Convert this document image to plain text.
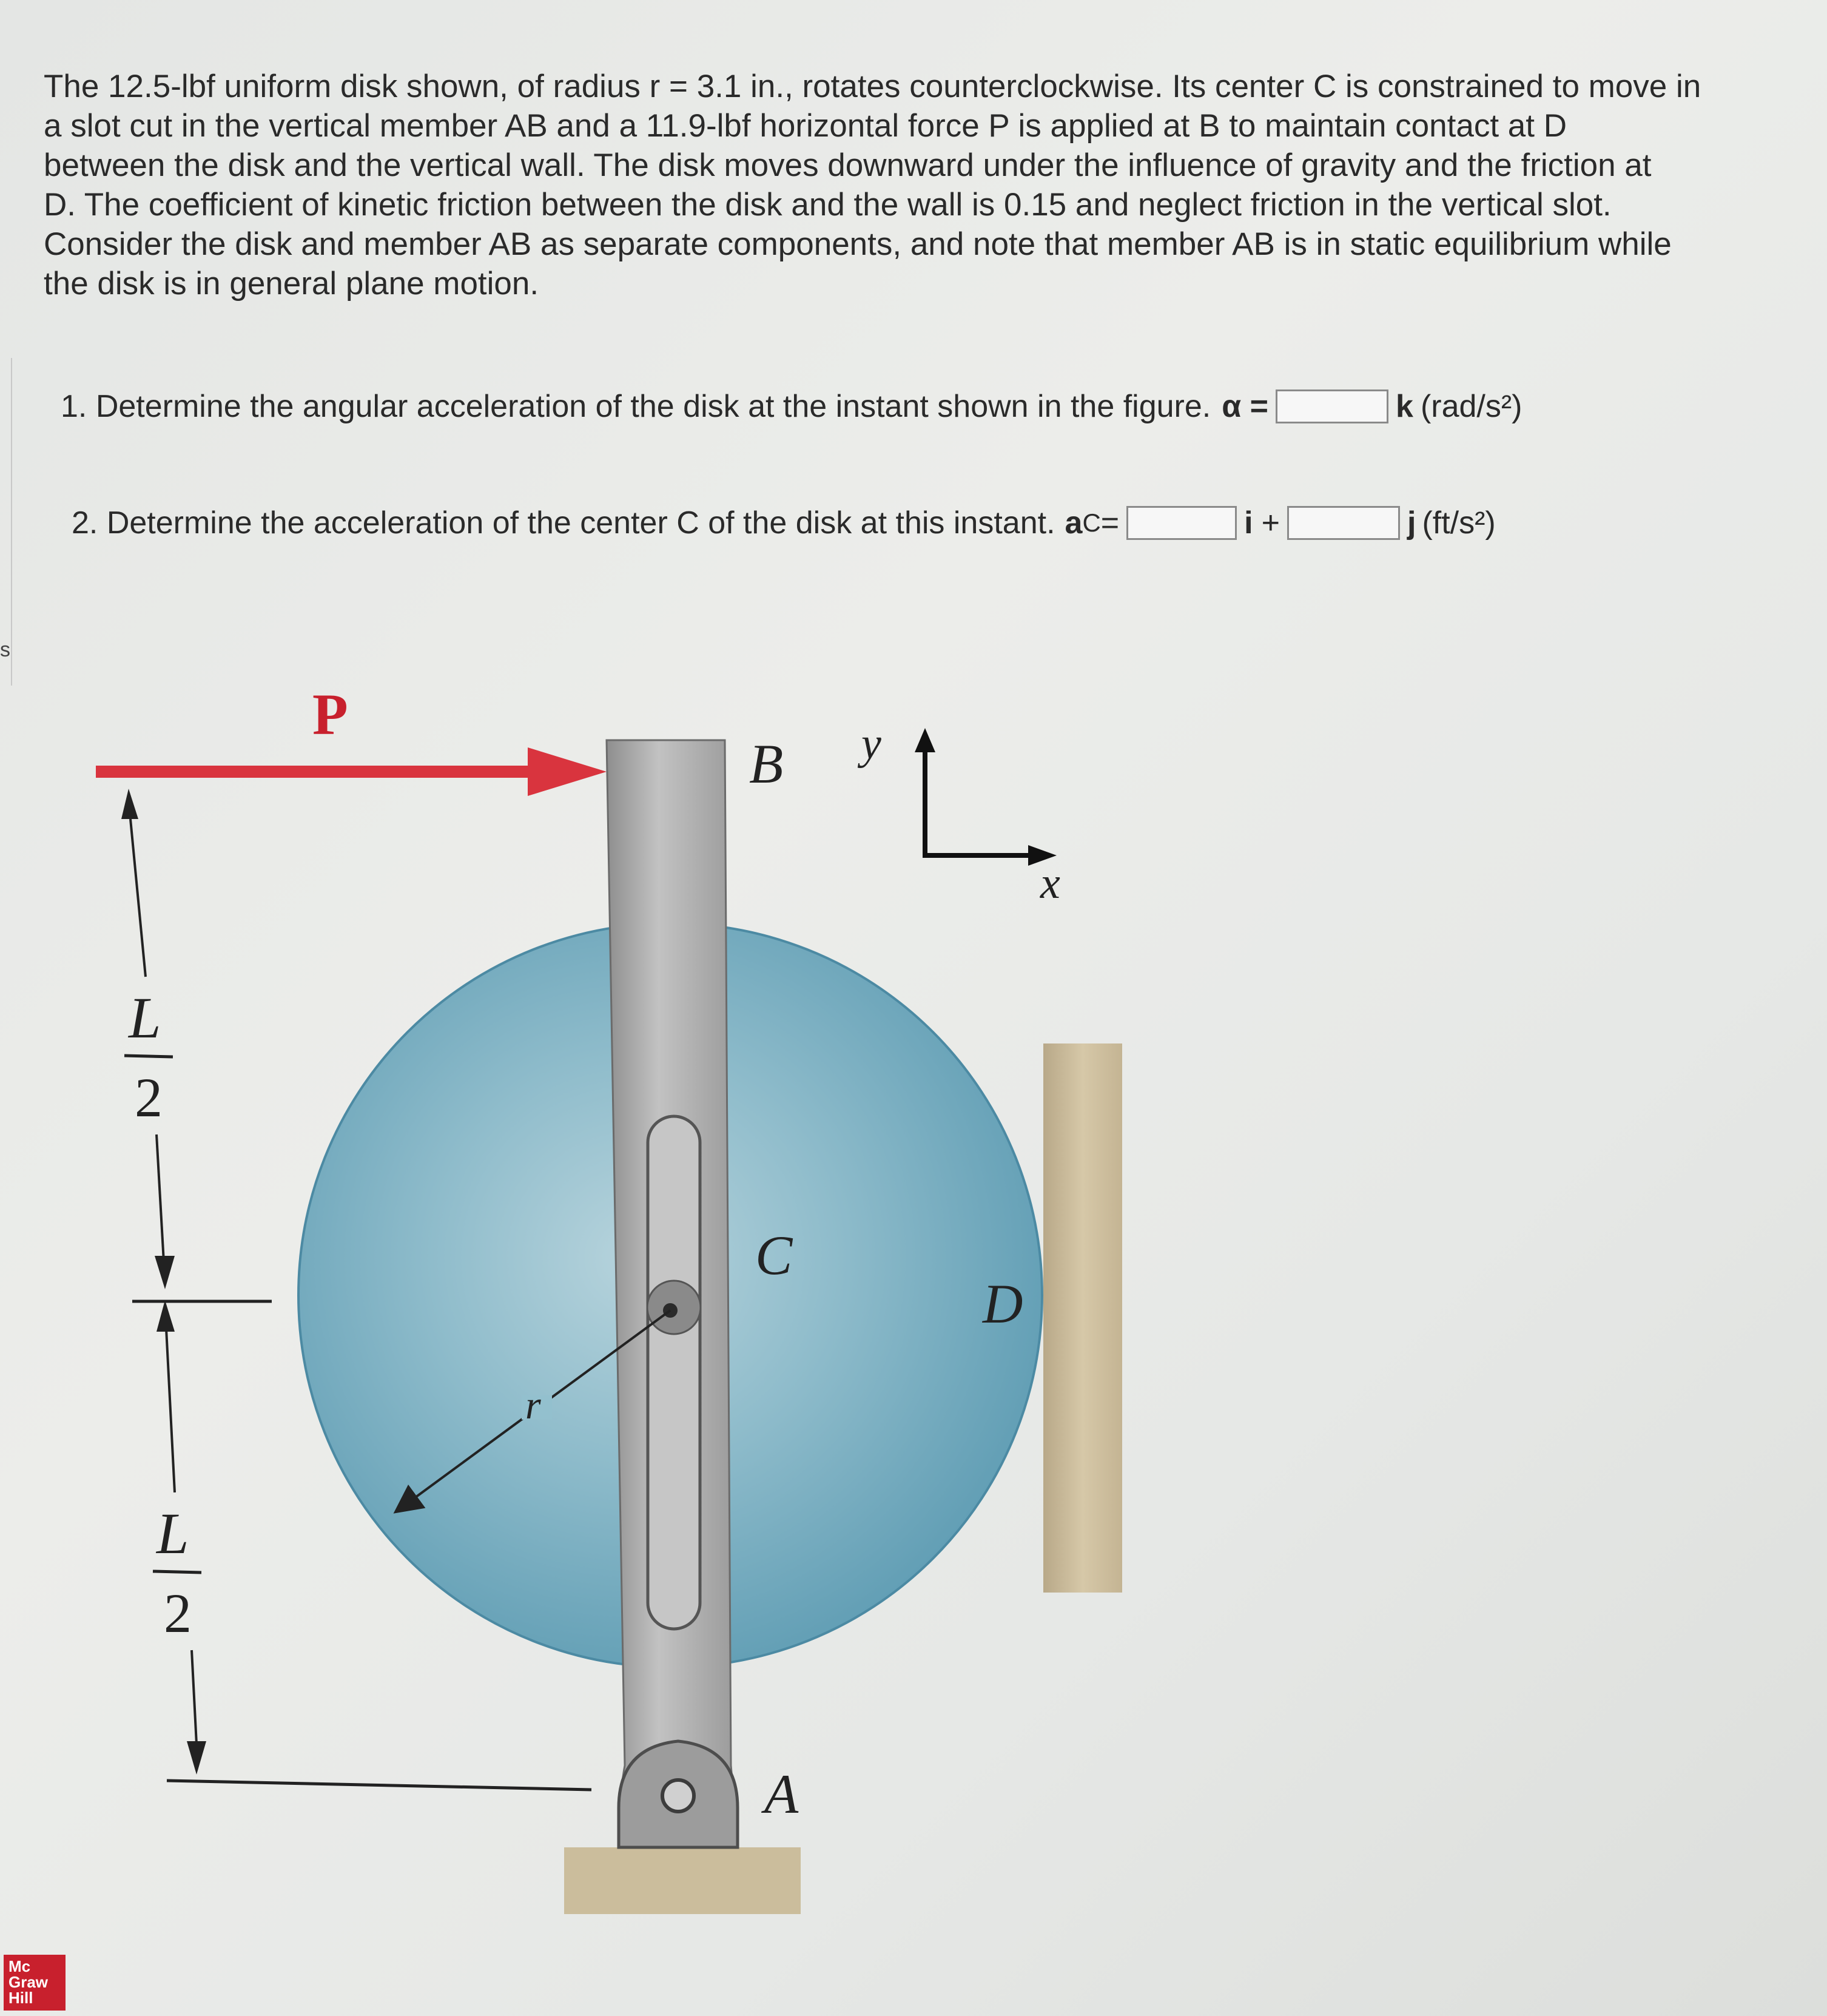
s

The 12.5-lbf uniform disk shown, of radius r = 3.1 in., rotates counterclockwise. Its center C is constrained to move in

a slot cut in the vertical member AB and a 11.9-lbf horizontal force P is applied at B to maintain contact at D

between the disk and the vertical wall. The disk moves downward under the influence of gravity and the friction at

D. The coefficient of kinetic friction between the disk and the wall is 0.15 and neglect friction in the vertical slot.

Consider the disk and member AB as separate components, and note that member AB is in static equilibrium while

the disk is in general plane motion.

1. Determine the angular acceleration of the disk at the instant shown in the figure. α =	k (rad/s²)
2. Determine the acceleration of the center C of the disk at this instant. a C =	i +	j (ft/s²)
r
P
B
C
D
A
y
x
L
2
L
2
Mc
Graw
Hill
